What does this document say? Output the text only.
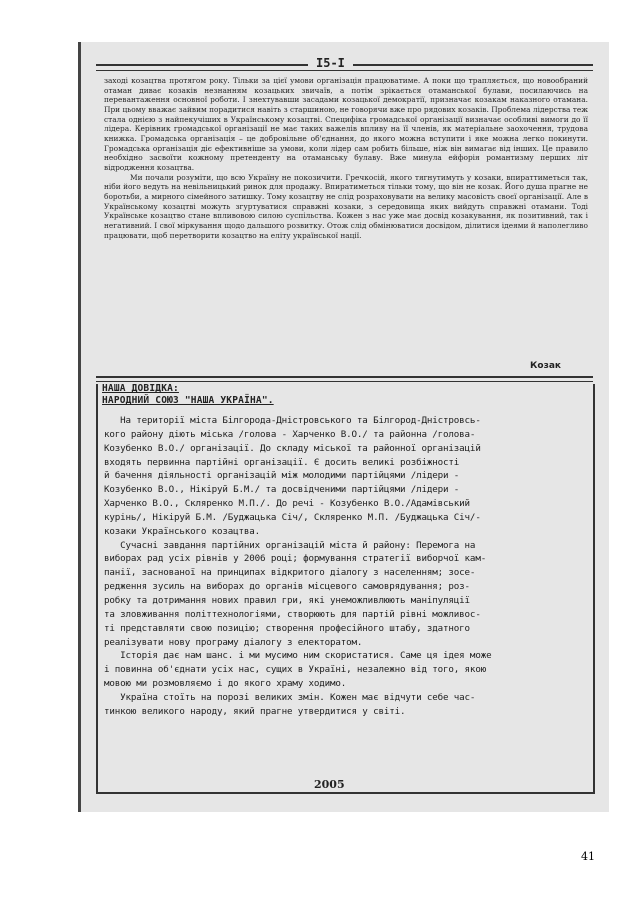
I5-I

заході козацтва протягом року. Тільки за цієї умови організація працюватиме. А поки що трапляється, що новообраний отаман диває козаків незнанням козацьких звичаїв, а потім зрікається отаманської булави, посилаючись на перевантаження основної роботи. І знехтувавши засадами козацької демократії, призначає козакам наказного отамана. При цьому вважає зайвим порадитися навіть з старшиною, не говорячи вже про рядових козаків. Проблема лідерства теж стала однією з найпекучіших в Українському козацтві. Специфіка громадської організації визначає особливі вимоги до її лідера. Керівник громадської організації не має таких важелів впливу на її членів, як матеріальне заохочення, трудова книжка. Громадська організація – це добровільне об'єднання, до якого можна вступити і яке можна легко покинути. Громадська організація діє ефективніше за умови, коли лідер сам робить більше, ніж він вимагає від інших. Це правило необхідно засвоїти кожному претенденту на отаманську булаву. Вже минула ейфорія романтизму перших літ відродження козацтва.

Ми почали розуміти, що всю Україну не покозичити. Гречкосій, якого тягнутимуть у козаки, впираттиметься так, ніби його ведуть на невільницький ринок для продажу. Впиратиметься тільки тому, що він не козак. Його душа прагне не боротьби, а мирного сімейного затишку. Тому козацтву не слід розраховувати на велику масовість своєї організації. Але в Українському козацтві можуть згуртуватися справжні козаки, з середовища яких вийдуть справжні отамани. Тоді Українське козацтво стане впливовою силою суспільства. Кожен з нас уже має досвід козакування, як позитивний, так і негативний. І свої міркування щодо дальшого розвитку. Отож слід обмінюватися досвідом, ділитися ідеями й наполегливо працювати, щоб перетворити козацтво на еліту української нації.

Козак
НАША ДОВІДКА:
НАРОДНИЙ СОЮЗ "НАША УКРАЇНА".
На території міста Білгорода-Дністровського та Білгород-Дністровсь-
кого району діють міська /голова - Харченко В.О./ та районна /голова-
Козубенко В.О./ організації. До складу міської та районної організацій
входять первинна партійні організації. Є досить великі розбіжності
й бачення діяльності організацій між молодими партійцями /лідери -
Козубенко В.О., Нікіруй Б.М./ та досвідченими партійцями /лідери -
Харченко В.О., Скляренко М.П./. До речі - Козубенко В.О./Адамівський
курінь/, Нікіруй Б.М. /Буджацька Січ/, Скляренко М.П. /Буджацька Січ/-
козаки Українського козацтва.
Сучасні завдання партійних організацій міста й району: Перемога на
виборах рад усіх рівнів у 2006 році; формування стратегії виборчої кам-
панії, заснованої на принципах відкритого діалогу з населенням; зосе-
редження зусиль на виборах до органів місцевого самоврядування; роз-
робку та дотримання нових правил гри, які унеможливлюють маніпуляції
та зловживання політтехнологіями, створюють для партій рівні можливос-
ті представляти свою позицію; створення професійного штабу, здатного
реалізувати нову програму діалогу з електоратом.
Історія дає нам шанс. і ми мусимо ним скористатися. Саме ця ідея може
і повинна об'єднати усіх нас, сущих в Україні, незалежно від того, якою
мовою ми розмовляємо і до якого храму ходимо.
Україна стоїть на порозі великих змін. Кожен має відчути себе час-
тинкою великого народу, який прагне утвердитися у світі.
2005
41
